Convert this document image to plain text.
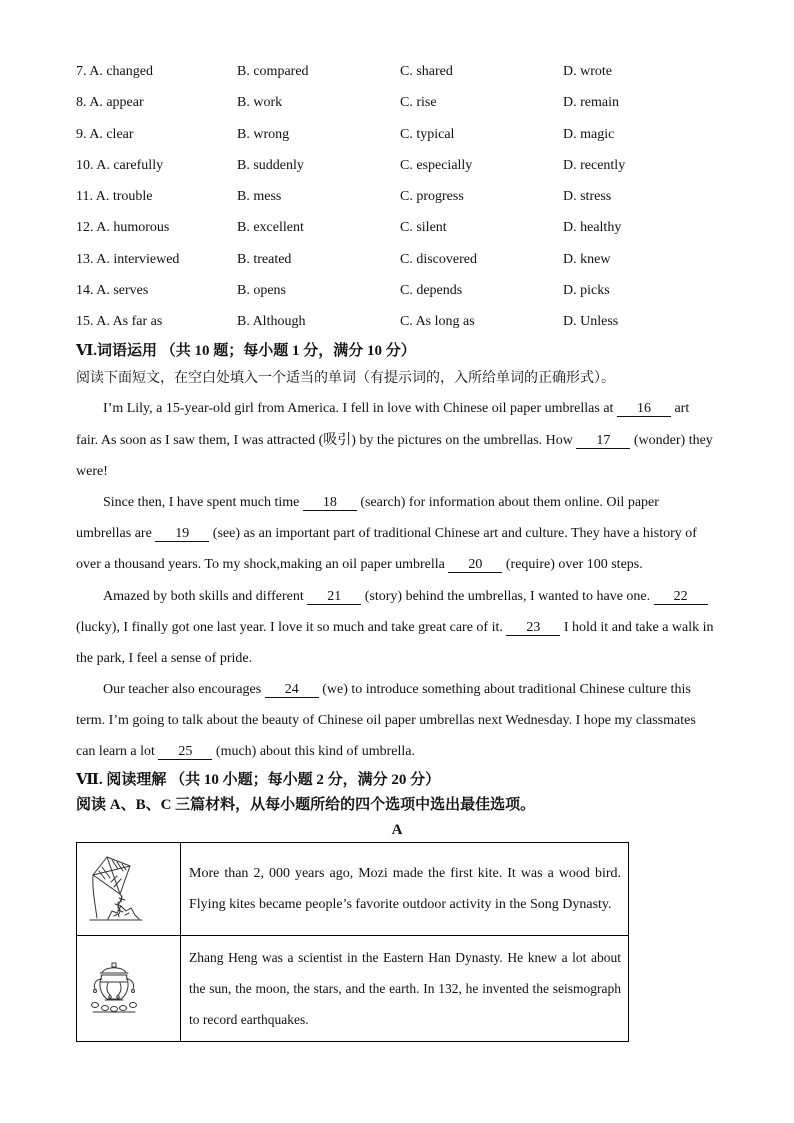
7. A. changed	B. compared	C. shared	D. wrote
8. A. appear	B. work	C. rise	D. remain
9. A. clear	B. wrong	C. typical	D. magic
10. A. carefully	B. suddenly	C. especially	D. recently
11. A. trouble	B. mess	C. progress	D. stress
12. A. humorous	B. excellent	C. silent	D. healthy
13. A. interviewed	B. treated	C. discovered	D. knew
14. A. serves	B. opens	C. depends	D. picks
15. A. As far as	B. Although	C. As long as	D. Unless
Ⅵ.词语运用 （共 10 题；每小题 1 分，满分 10 分）
阅读下面短文，在空白处填入一个适当的单词（有提示词的，入所给单词的正确形式）。
I’m Lily, a 15-year-old girl from America. I fell in love with Chinese oil paper umbrellas at 16 art
fair. As soon as I saw them, I was attracted (吸引) by the pictures on the umbrellas. How 17 (wonder) they
were!
Since then, I have spent much time 18 (search) for information about them online. Oil paper
umbrellas are 19 (see) as an important part of traditional Chinese art and culture. They have a history of
over a thousand years. To my shock,making an oil paper umbrella 20 (require) over 100 steps.
Amazed by both skills and different 21 (story) behind the umbrellas, I wanted to have one. 22
(lucky), I finally got one last year. I love it so much and take great care of it. 23 I hold it and take a walk in
the park, I feel a sense of pride.
Our teacher also encourages 24 (we) to introduce something about traditional Chinese culture this
term. I’m going to talk about the beauty of Chinese oil paper umbrellas next Wednesday. I hope my classmates
can learn a lot 25 (much) about this kind of umbrella.
Ⅶ. 阅读理解 （共 10 小题；每小题 2 分，满分 20 分）
阅读 A、B、C 三篇材料，从每小题所给的四个选项中选出最佳选项。
A
More than 2, 000 years ago, Mozi made the first kite. It was a wood bird.
Flying kites became people’s favorite outdoor activity in the Song Dynasty.
Zhang Heng was a scientist in the Eastern Han Dynasty. He knew a lot about
the sun, the moon, the stars, and the earth. In 132, he invented the seismograph
to record earthquakes.
